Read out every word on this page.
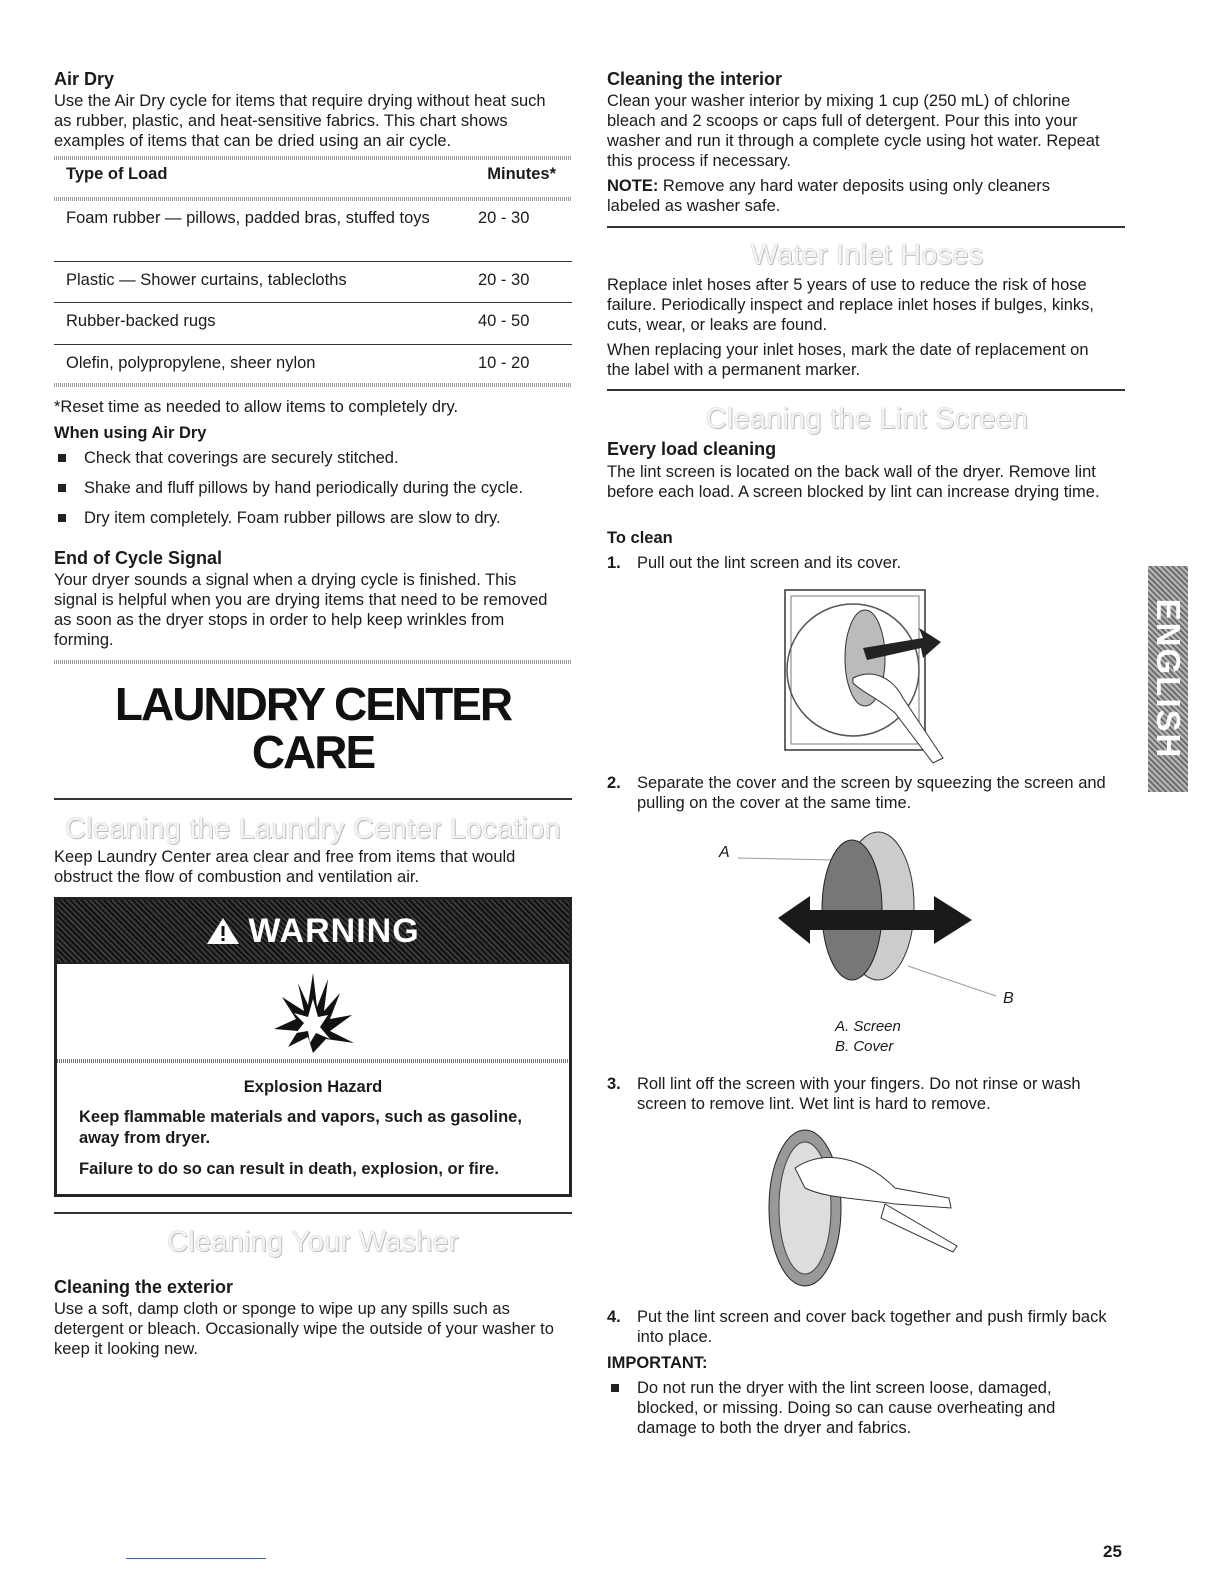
Air Dry

Use the Air Dry cycle for items that require drying without heat such as rubber, plastic, and heat-sensitive fabrics. This chart shows examples of items that can be dried using an air cycle.

Type of Load	Minutes*
Foam rubber — pillows, padded bras, stuffed toys	20 - 30
Plastic — Shower curtains, tablecloths	20 - 30
Rubber-backed rugs	40 - 50
Olefin, polypropylene, sheer nylon	10 - 20

*Reset time as needed to allow items to completely dry.

When using Air Dry

Check that coverings are securely stitched.
Shake and fluff pillows by hand periodically during the cycle.
Dry item completely. Foam rubber pillows are slow to dry.
End of Cycle Signal

Your dryer sounds a signal when a drying cycle is finished. This signal is helpful when you are drying items that need to be removed as soon as the dryer stops in order to help keep wrinkles from forming.

LAUNDRY CENTER
CARE
Cleaning the Laundry Center Location

Keep Laundry Center area clear and free from items that would obstruct the flow of combustion and ventilation air.

WARNING
Explosion Hazard
Keep flammable materials and vapors, such as gasoline, away from dryer.
Failure to do so can result in death, explosion, or fire.
Cleaning Your Washer
Cleaning the exterior

Use a soft, damp cloth or sponge to wipe up any spills such as detergent or bleach. Occasionally wipe the outside of your washer to keep it looking new.

Cleaning the interior

Clean your washer interior by mixing 1 cup (250 mL) of chlorine bleach and 2 scoops or caps full of detergent. Pour this into your washer and run it through a complete cycle using hot water. Repeat this process if necessary.

NOTE: Remove any hard water deposits using only cleaners labeled as washer safe.

Water Inlet Hoses

Replace inlet hoses after 5 years of use to reduce the risk of hose failure. Periodically inspect and replace inlet hoses if bulges, kinks, cuts, wear, or leaks are found.

When replacing your inlet hoses, mark the date of replacement on the label with a permanent marker.

Cleaning the Lint Screen
Every load cleaning

The lint screen is located on the back wall of the dryer. Remove lint before each load. A screen blocked by lint can increase drying time.

To clean

1. Pull out the lint screen and its cover.
2. Separate the cover and the screen by squeezing the screen and pulling on the cover at the same time.
A
B
A. Screen
B. Cover
3. Roll lint off the screen with your fingers. Do not rinse or wash screen to remove lint. Wet lint is hard to remove.
4. Put the lint screen and cover back together and push firmly back into place.

IMPORTANT:

Do not run the dryer with the lint screen loose, damaged, blocked, or missing. Doing so can cause overheating and damage to both the dryer and fabrics.
ENGLISH
25
